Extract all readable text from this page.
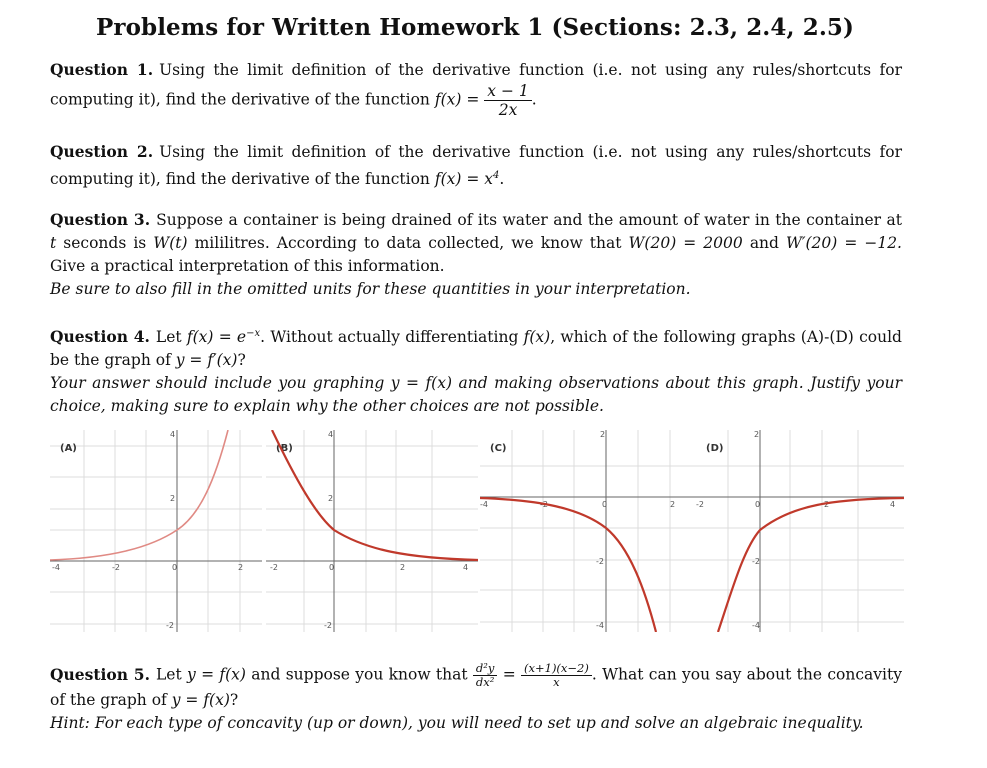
Problems for Written Homework 1 (Sections: 2.3, 2.4, 2.5)
Question 1. Using the limit definition of the derivative function (i.e. not using any rules/shortcuts for computing it), find the derivative of the function $f(x) = \frac{x - 1}{2x}$ .
Question 2. Using the limit definition of the derivative function (i.e. not using any rules/shortcuts for computing it), find the derivative of the function $f(x) = x^4$.
Question 3. Suppose a container is being drained of its water and the amount of water in the container at t seconds is W(t) mililitres. According to data collected, we know that W(20) = 2000 and W′(20) = −12. Give a practical interpretation of this information.
Be sure to also fill in the omitted units for these quantities in your interpretation.
Question 4. Let $f(x) = e^{-x}$. Without actually differentiating f(x), which of the following graphs (A)-(D) could be the graph of y = f′(x)?
Your answer should include you graphing y = f(x) and making observations about this graph. Justify your choice, making sure to explain why the other choices are not possible.
(A)
-4	-2	0	2
4
2
-2
(B)
-2	0	2	4
4
2
-2
(C)
-4	-2	0	2
2
-2
-4
(D)
-2	0	2	4
2
-2
-4
Question 5. Let y = f(x) and suppose you know that $\frac{\text{d²y}}{\text{dx²}} = \frac{(x+1)(x-2)}{x}$ . What can you say about the concavity of the graph of y = f(x)?
Hint: For each type of concavity (up or down), you will need to set up and solve an algebraic inequality.
